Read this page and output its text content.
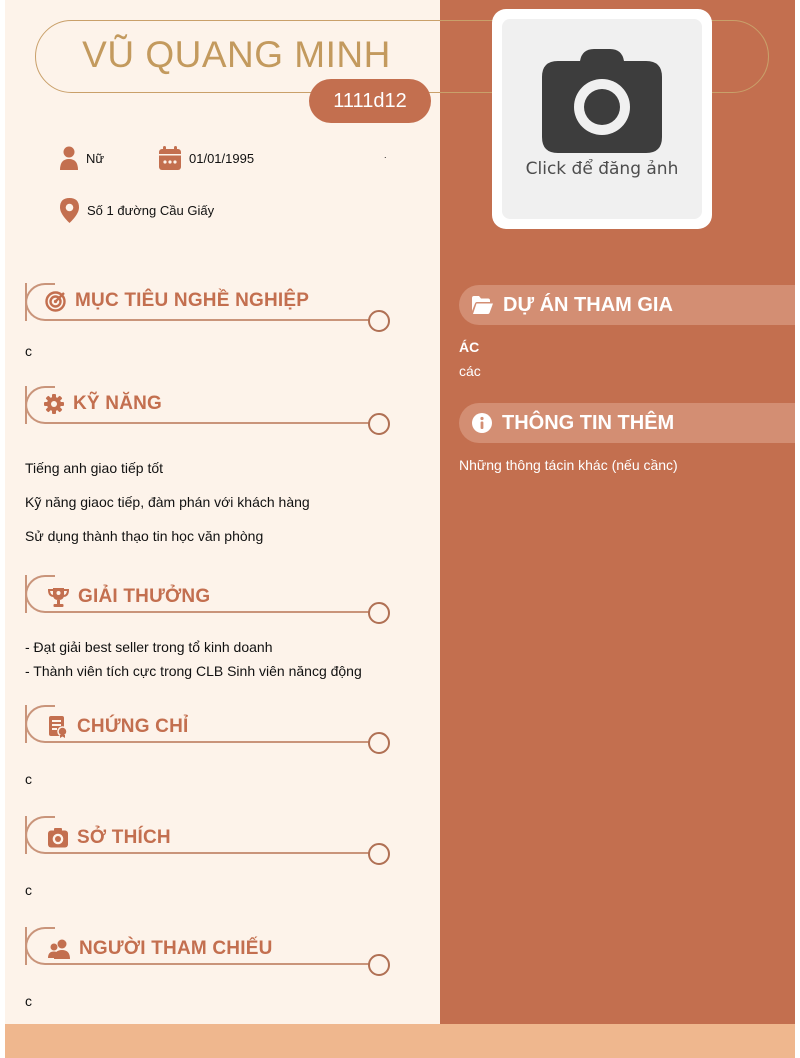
VŨ QUANG MINH
1111d12
Click để đăng ảnh
Nữ	01/01/1995	.
Số 1 đường Cầu Giấy
MỤC TIÊU NGHỀ NGHIỆP
c
KỸ NĂNG
Tiếng anh giao tiếp tốt
Kỹ năng giaoc tiếp, đàm phán với khách hàng
Sử dụng thành thạo tin học văn phòng
GIẢI THƯỞNG
- Đạt giải best seller trong tổ kinh doanh
- Thành viên tích cực trong CLB Sinh viên năncg động
CHỨNG CHỈ
c
SỞ THÍCH
c
NGƯỜI THAM CHIẾU
c
DỰ ÁN THAM GIA
ÁC
các
THÔNG TIN THÊM
Những thông tácin khác (nếu cầnc)
